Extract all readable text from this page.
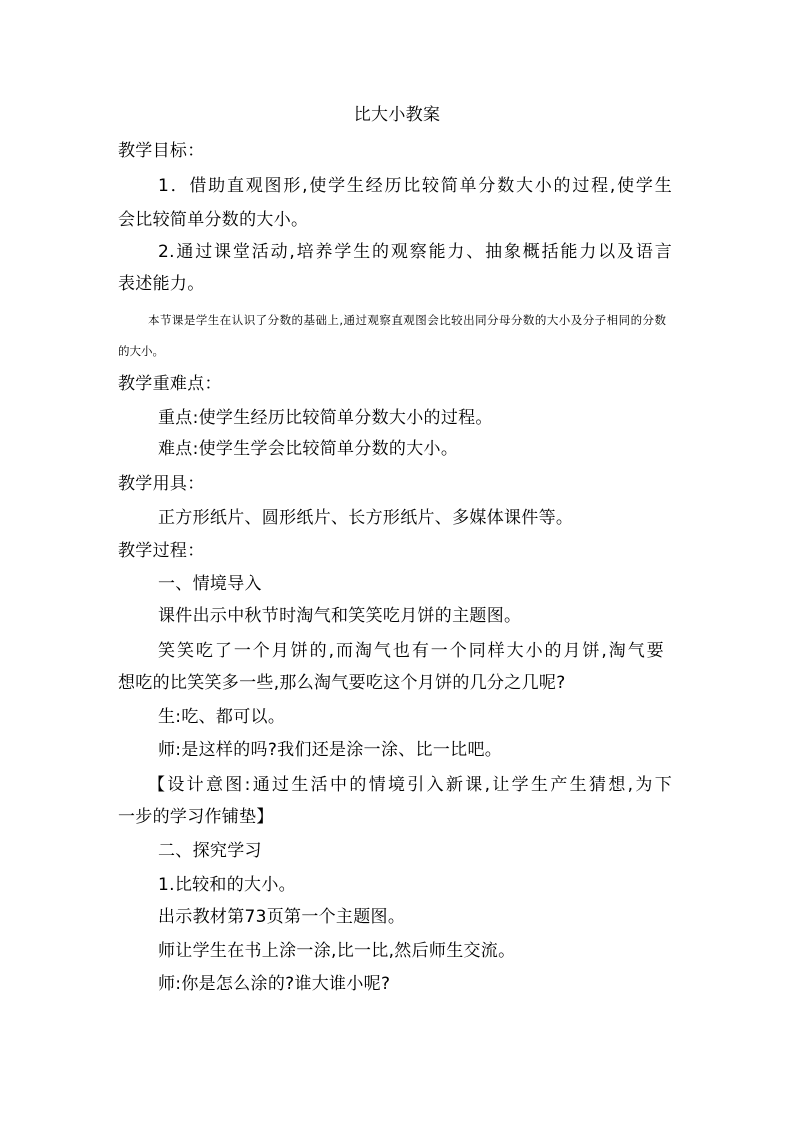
比大小教案
教学目标：
1．借助直观图形,使学生经历比较简单分数大小的过程,使学生
会比较简单分数的大小。
2.通过课堂活动,培养学生的观察能力、抽象概括能力以及语言
表述能力。
本节课是学生在认识了分数的基础上,通过观察直观图会比较出同分母分数的大小及分子相同的分数
的大小。
教学重难点：
重点:使学生经历比较简单分数大小的过程。
难点:使学生学会比较简单分数的大小。
教学用具：
正方形纸片、圆形纸片、长方形纸片、多媒体课件等。
教学过程：
一、情境导入
课件出示中秋节时淘气和笑笑吃月饼的主题图。
笑笑吃了一个月饼的,而淘气也有一个同样大小的月饼,淘气要
想吃的比笑笑多一些,那么淘气要吃这个月饼的几分之几呢?
生:吃、都可以。
师:是这样的吗?我们还是涂一涂、比一比吧。
【设计意图:通过生活中的情境引入新课,让学生产生猜想,为下
一步的学习作铺垫】
二、探究学习
1.比较和的大小。
出示教材第73页第一个主题图。
师让学生在书上涂一涂,比一比,然后师生交流。
师:你是怎么涂的?谁大谁小呢?
